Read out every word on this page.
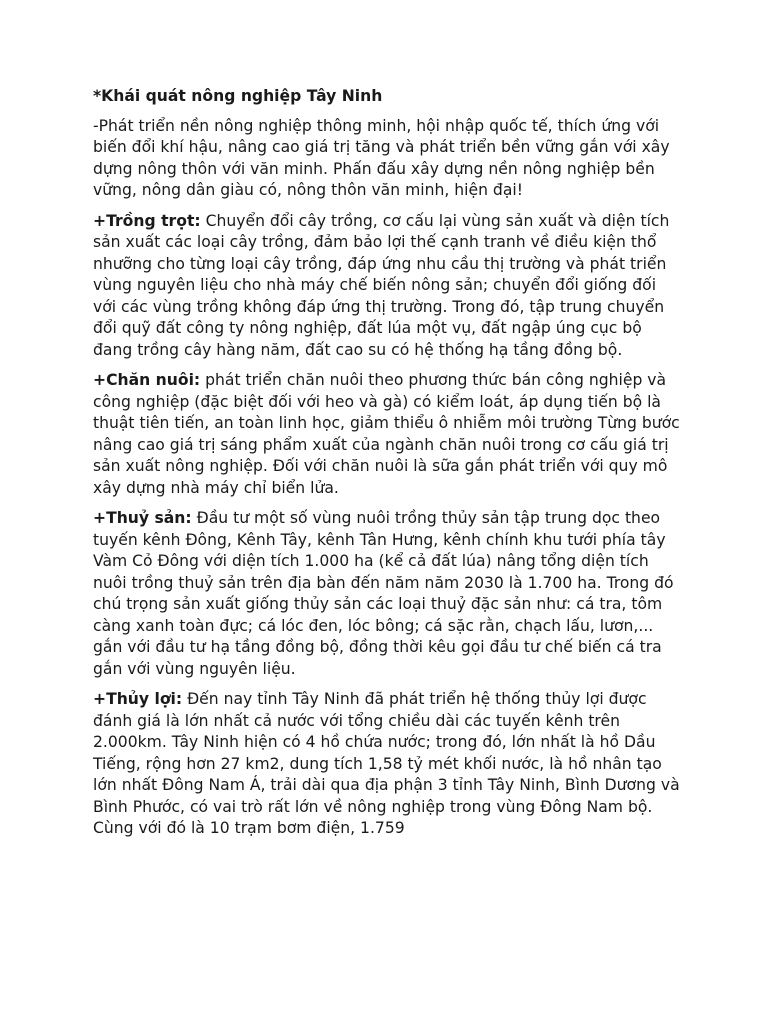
*Khái quát nông nghiệp Tây Ninh

-Phát triển nền nông nghiệp thông minh, hội nhập quốc tế, thích ứng với biến đổi khí hậu, nâng cao giá trị tăng và phát triển bền vững gắn với xây dựng nông thôn với văn minh. Phấn đấu xây dựng nền nông nghiệp bền vững, nông dân giàu có, nông thôn văn minh, hiện đại!

+Trồng trọt: Chuyển đổi cây trồng, cơ cấu lại vùng sản xuất và diện tích sản xuất các loại cây trồng, đảm bảo lợi thế cạnh tranh về điều kiện thổ nhưỡng cho từng loại cây trồng, đáp ứng nhu cầu thị trường và phát triển vùng nguyên liệu cho nhà máy chế biến nông sản; chuyển đổi giống đối với các vùng trồng không đáp ứng thị trường. Trong đó, tập trung chuyển đổi quỹ đất công ty nông nghiệp, đất lúa một vụ, đất ngập úng cục bộ đang trồng cây hàng năm, đất cao su có hệ thống hạ tầng đồng bộ.

+Chăn nuôi: phát triển chăn nuôi theo phương thức bán công nghiệp và công nghiệp (đặc biệt đối với heo và gà) có kiểm loát, áp dụng tiến bộ là thuật tiên tiến, an toàn linh học, giảm thiểu ô nhiễm môi trường Từng bước nâng cao giá trị sáng phẩm xuất của ngành chăn nuôi trong cơ cấu giá trị sản xuất nông nghiệp. Đối với chăn nuôi là sữa gắn phát triển với quy mô xây dựng nhà máy chỉ biển lửa.

+Thuỷ sản: Đầu tư một số vùng nuôi trồng thủy sản tập trung dọc theo tuyến kênh Đông, Kênh Tây, kênh Tân Hưng, kênh chính khu tưới phía tây Vàm Cỏ Đông với diện tích 1.000 ha (kể cả đất lúa) nâng tổng diện tích nuôi trồng thuỷ sản trên địa bàn đến năm năm 2030 là 1.700 ha. Trong đó chú trọng sản xuất giống thủy sản các loại thuỷ đặc sản như: cá tra, tôm càng xanh toàn đực; cá lóc đen, lóc bông; cá sặc rằn, chạch lấu, lươn,... gắn với đầu tư hạ tầng đồng bộ, đồng thời kêu gọi đầu tư chế biến cá tra gắn với vùng nguyên liệu.

+Thủy lợi: Đến nay tỉnh Tây Ninh đã phát triển hệ thống thủy lợi được đánh giá là lớn nhất cả nước với tổng chiều dài các tuyến kênh trên 2.000km. Tây Ninh hiện có 4 hồ chứa nước; trong đó, lớn nhất là hồ Dầu Tiếng, rộng hơn 27 km2, dung tích 1,58 tỷ mét khối nước, là hồ nhân tạo lớn nhất Đông Nam Á, trải dài qua địa phận 3 tỉnh Tây Ninh, Bình Dương và Bình Phước, có vai trò rất lớn về nông nghiệp trong vùng Đông Nam bộ. Cùng với đó là 10 trạm bơm điện, 1.759
